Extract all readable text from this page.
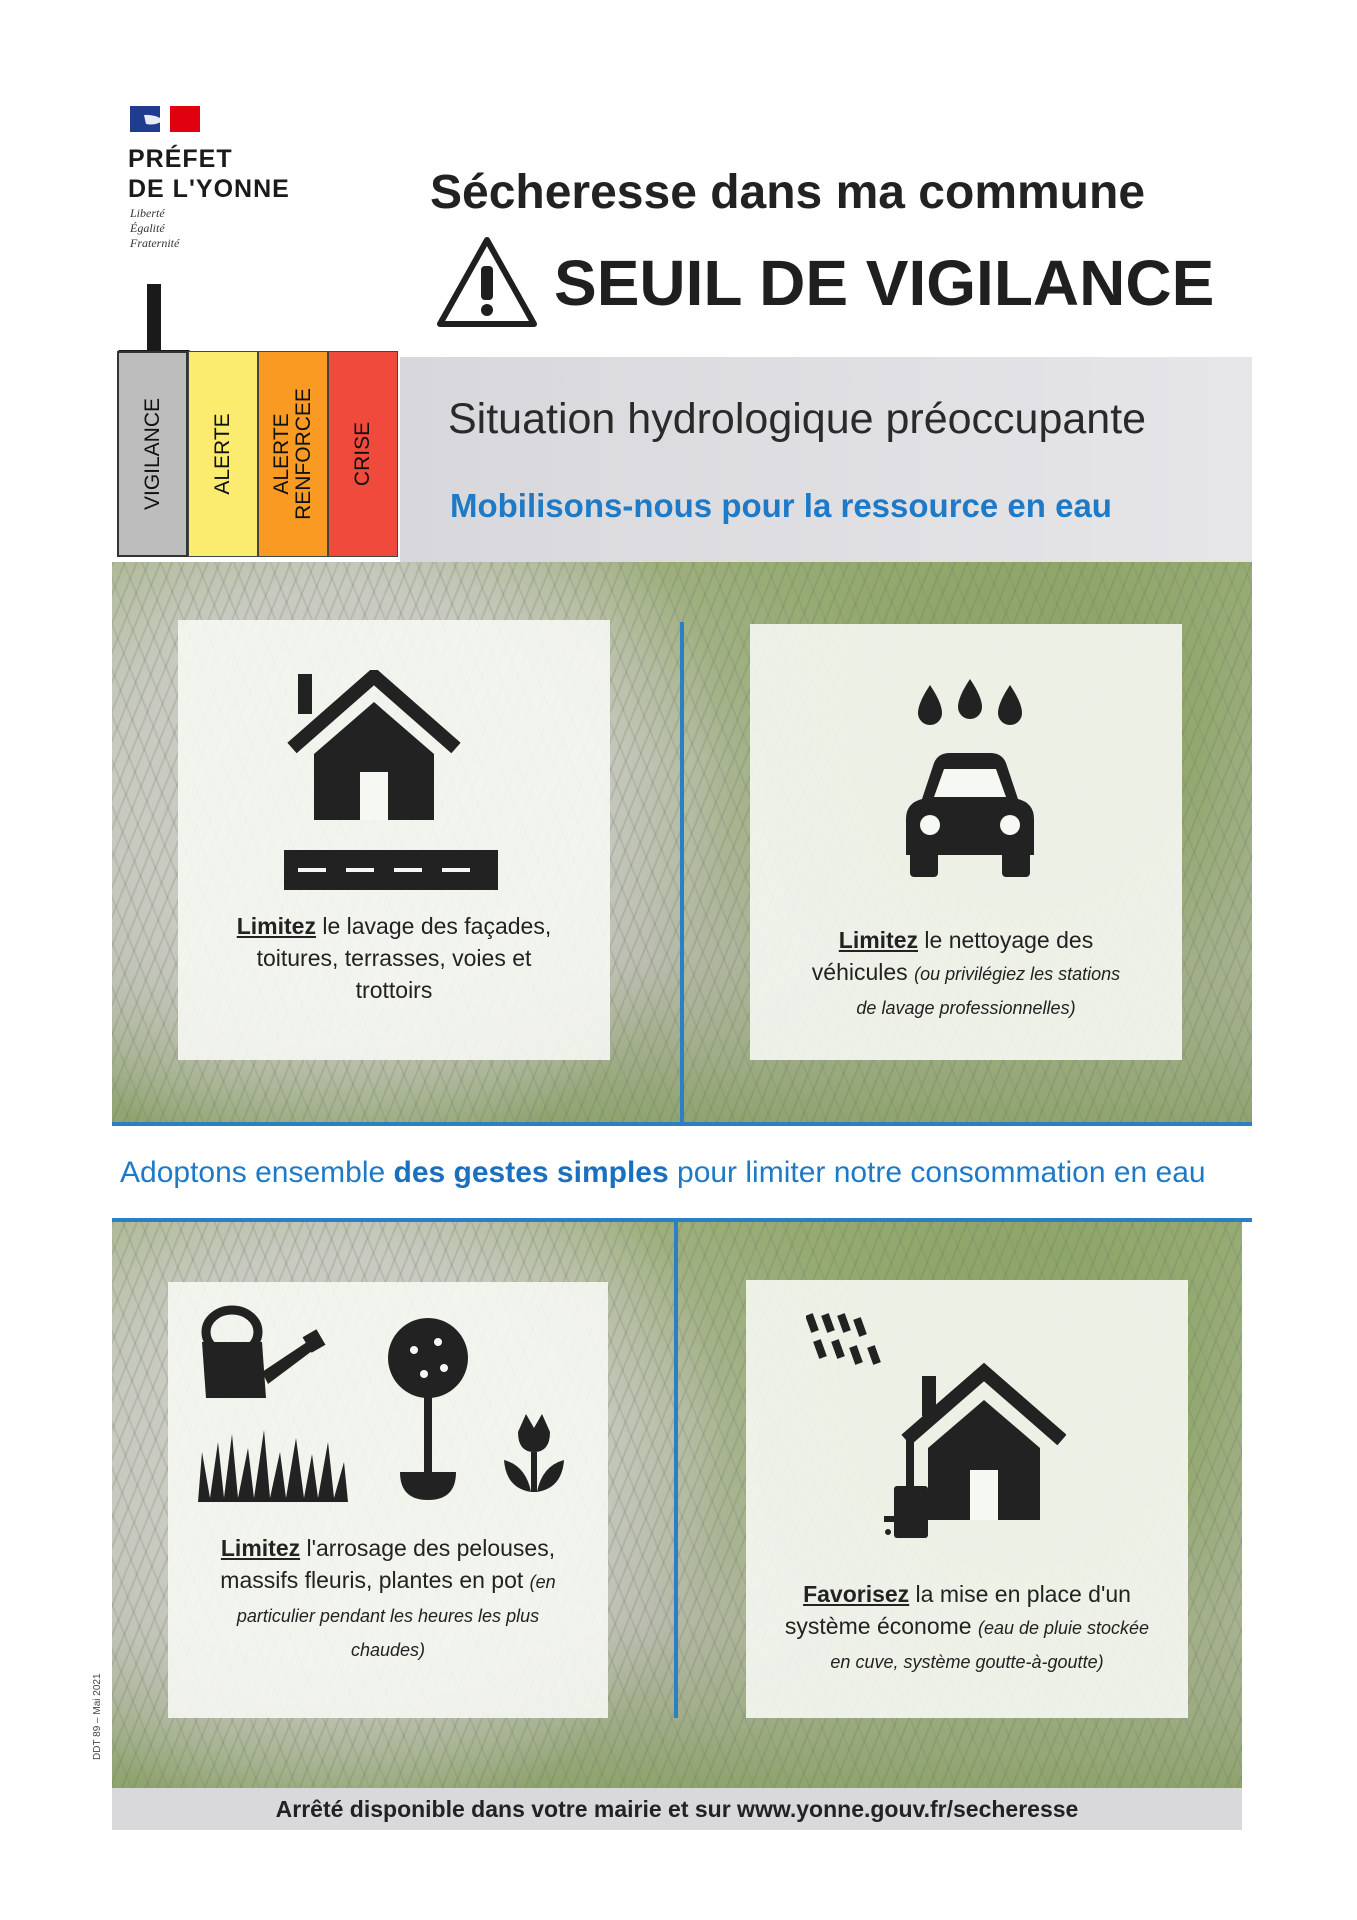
PRÉFET
DE L'YONNE
Liberté
Égalité
Fraternité
Sécheresse dans ma commune
SEUIL DE VIGILANCE
VIGILANCE ALERTE ALERTE
RENFORCEE CRISE
Situation hydrologique préoccupante
Mobilisons-nous pour la ressource en eau
Limitez le lavage des façades, toitures, terrasses, voies et trottoirs
Limitez le nettoyage des véhicules (ou privilégiez les stations de lavage professionnelles)

Adoptons ensemble des gestes simples pour limiter notre consommation en eau

Limitez l'arrosage des pelouses, massifs fleuris, plantes en pot (en particulier pendant les heures les plus chaudes)
Favorisez la mise en place d'un système économe (eau de pluie stockée en cuve, système goutte-à-goutte)

Arrêté disponible dans votre mairie et sur www.yonne.gouv.fr/secheresse

DDT 89 – Mai 2021
